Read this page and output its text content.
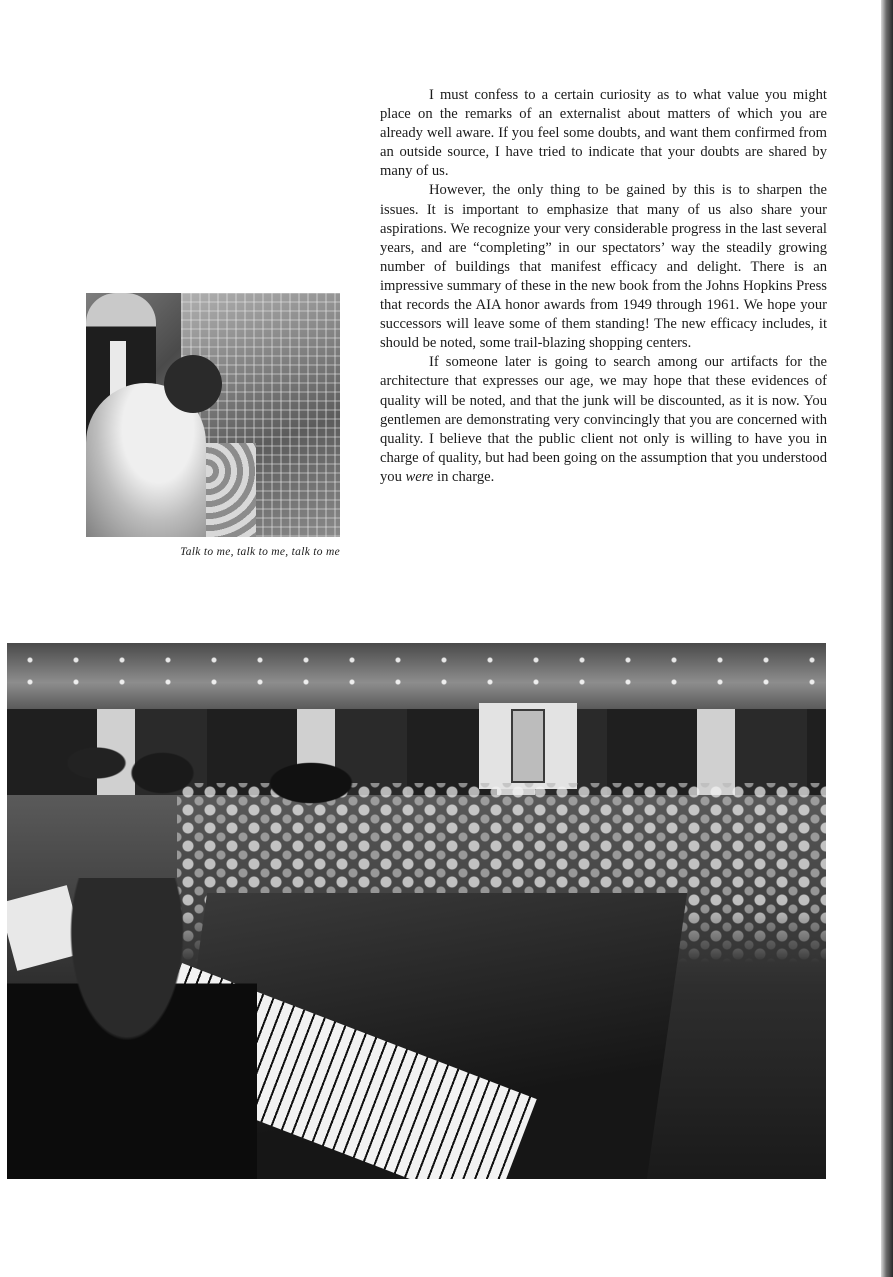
I must confess to a certain curiosity as to what value you might place on the remarks of an externalist about matters of which you are already well aware. If you feel some doubts, and want them confirmed from an outside source, I have tried to indicate that your doubts are shared by many of us.

However, the only thing to be gained by this is to sharpen the issues. It is important to emphasize that many of us also share your aspirations. We recognize your very considerable progress in the last several years, and are “completing” in our spectators’ way the steadily growing number of buildings that manifest efficacy and delight. There is an impressive summary of these in the new book from the Johns Hopkins Press that records the AIA honor awards from 1949 through 1961. We hope your successors will leave some of them standing! The new efficacy includes, it should be noted, some trail-blazing shopping centers.

If someone later is going to search among our artifacts for the architecture that expresses our age, we may hope that these evidences of quality will be noted, and that the junk will be discounted, as it is now. You gentlemen are demonstrating very convincingly that you are concerned with quality. I believe that the public client not only is willing to have you in charge of quality, but had been going on the assumption that you understood you were in charge.

Talk to me, talk to me, talk to me
